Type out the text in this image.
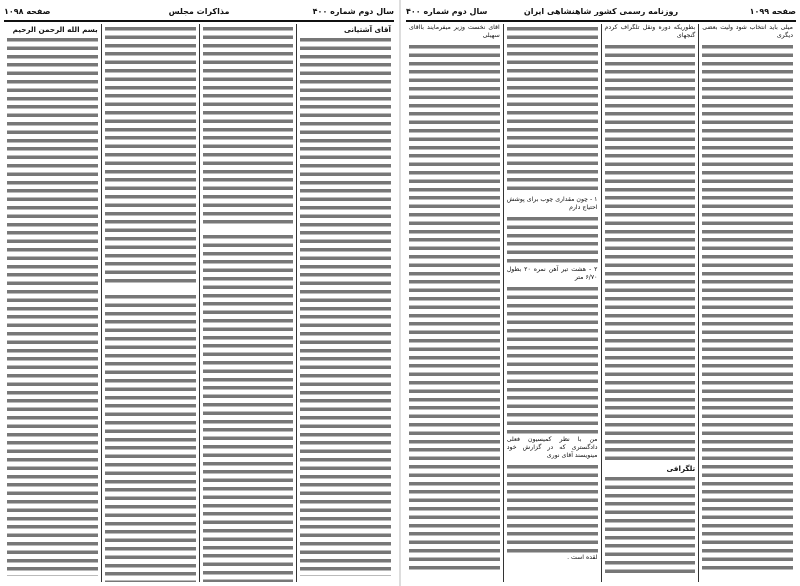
سال دوم شماره ۴۰۰
مذاکرات مجلس
صفحه ۱۰۹۸

آقای آشتیانی

بسم الله الرحمن الرحیم

صفحه ۱۰۹۹
روزنامه رسمی کشور شاهنشاهی ایران
سال دوم شماره ۴۰۰

میلی باید انتخاب شود ولیت بعضی دیگری

بطوریکه دوره ونقل تلگراف کردم گنجهای

تلگرافی

۱ - چون مقداری چوب برای پوشش احتیاج دارم

۲ - هشت تیر آهن نمره ۲۰ بطول ۶/۷۰ متر

من با نظر کمیسیون فعلی دادگستری که در گزارش خود مینویسند آقای نوری

لقده است .

آقای نخست وزیر میفرمایند باآقای سهیلی
